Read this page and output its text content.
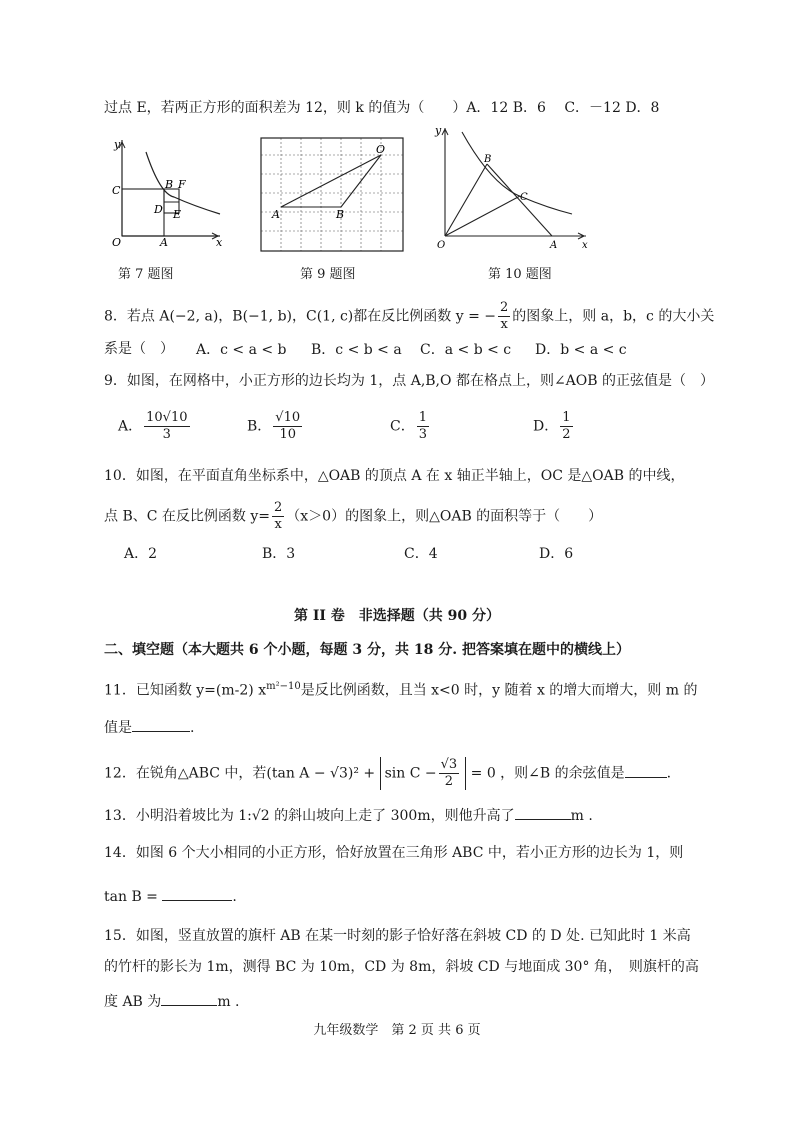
过点 E，若两正方形的面积差为 12，则 k 的值为（　　）A．12 B．6　 C．－12 D．8
y
x
O	A
C	B F
D E
第 7 题图
O
A	B
第 9 题图
y
x
O	A
B
C
第 10 题图
8．若点 A(−2, a)，B(−1, b)，C(1, c)都在反比例函数 y = − $\frac{2}{x}$ 的图象上，则 a，b，c 的大小关
系是（　） A．c < a < b B．c < b < a C．a < b < c D．b < a < c
9．如图，在网格中，小正方形的边长均为 1，点 A,B,O 都在格点上，则∠AOB 的正弦值是（　）
A． $\frac{10√10}{3}$	B． $\frac{√10}{10}$	C． $\frac{1}{3}$	D． $\frac{1}{2}$
10．如图，在平面直角坐标系中，△OAB 的顶点 A 在 x 轴正半轴上，OC 是△OAB 的中线，
点 B、C 在反比例函数 $y= \frac{2}{x} (x>0)$的图象上，则△OAB 的面积等于（　　）
A．2	B．3	C．4	D．6
第 II 卷　非选择题（共 90 分）
二、填空题（本大题共 6 个小题，每题 3 分，共 18 分. 把答案填在题中的横线上）
11．已知函数 y=(m-2) $x^{m^2-10}$是反比例函数，且当 x<0 时，y 随着 x 的增大而增大，则 m 的
值是	.
12．在锐角△ABC 中，若(tan $A - √3)^2 + \sin C - \frac{√3}{2} = 0$ ，则∠B 的余弦值是	.
13．小明沿着坡比为 1:√2 的斜山坡向上走了 300m，则他升高了	m .
14．如图 6 个大小相同的小正方形，恰好放置在三角形 ABC 中，若小正方形的边长为 1，则
tan B =	.
15．如图，竖直放置的旗杆 AB 在某一时刻的影子恰好落在斜坡 CD 的 D 处. 已知此时 1 米高
的竹杆的影长为 1m，测得 BC 为 10m，CD 为 8m，斜坡 CD 与地面成 30° 角，　则旗杆的高
度 AB 为	m .
九年级数学　第 2 页 共 6 页
